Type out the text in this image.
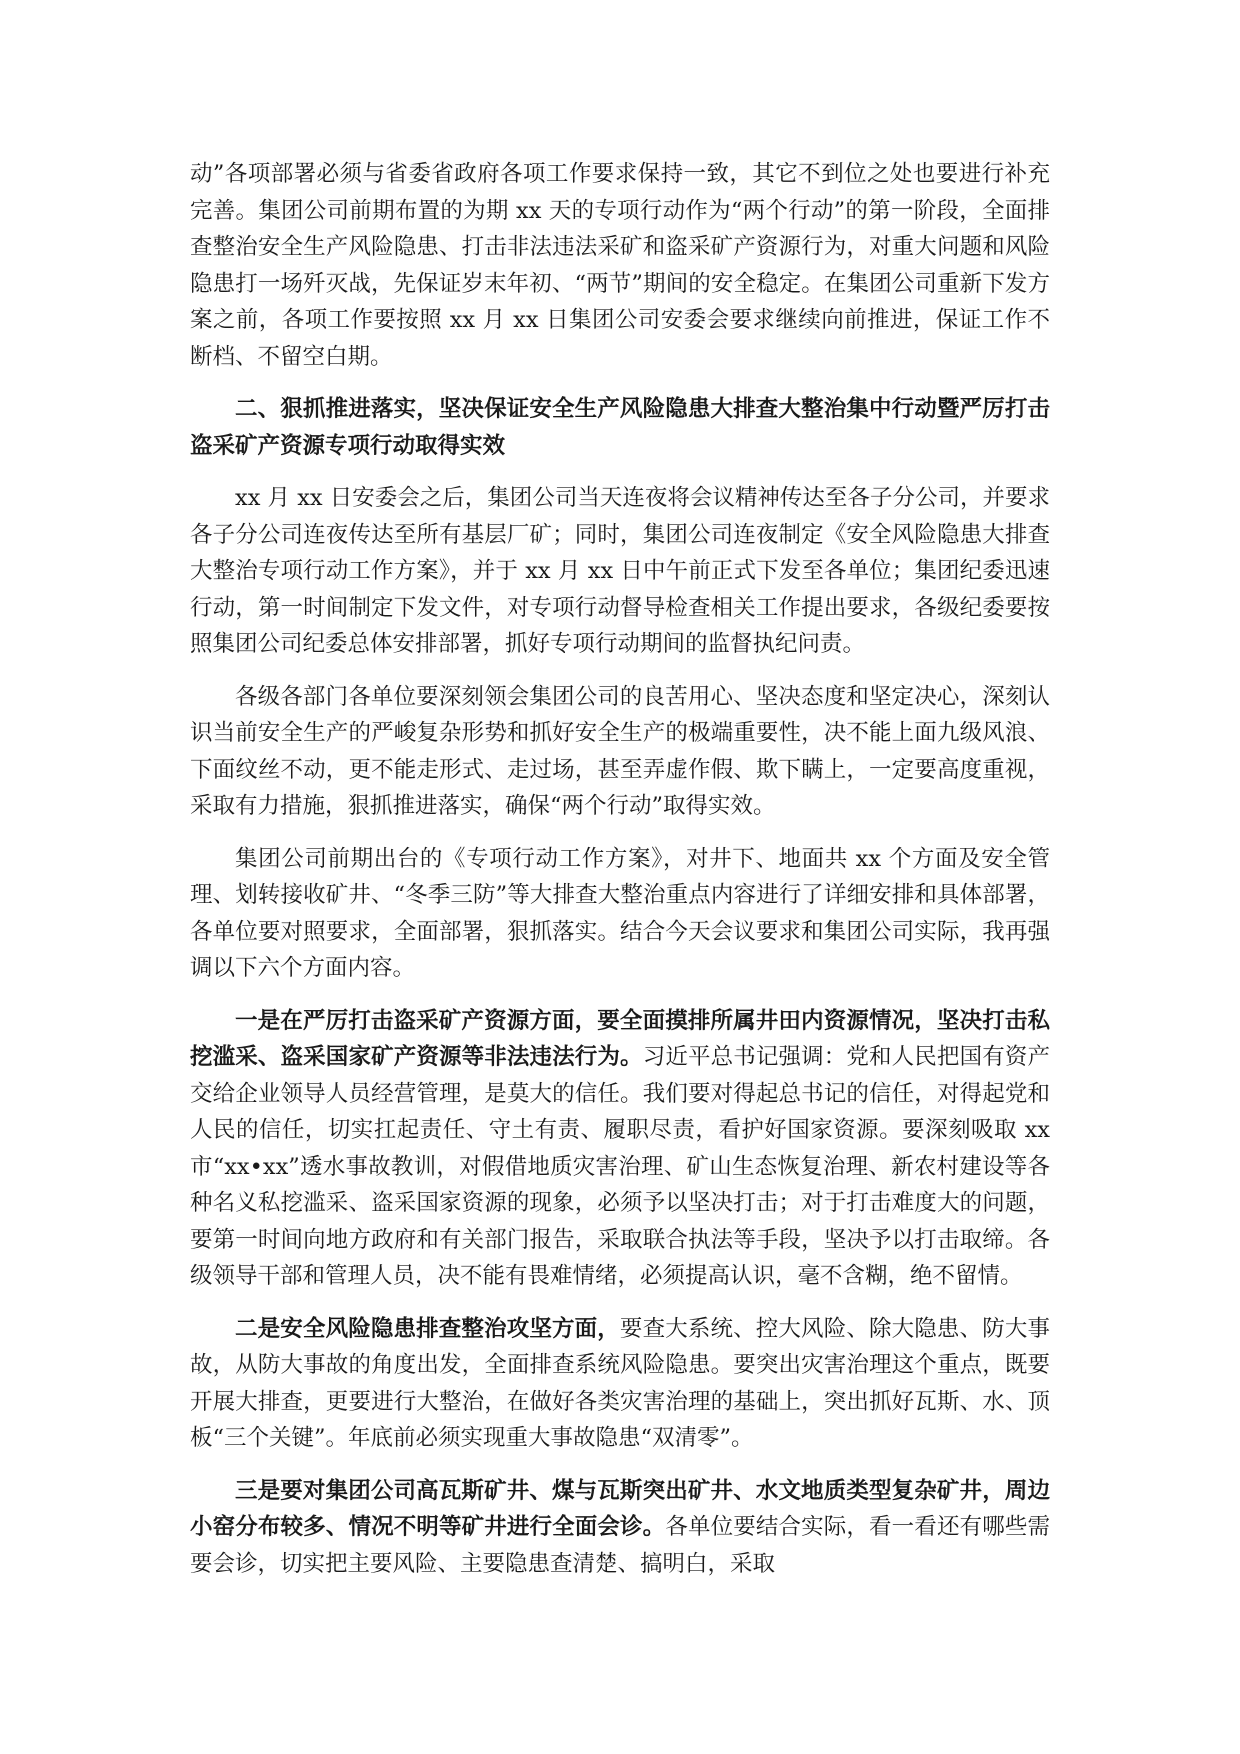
动”各项部署必须与省委省政府各项工作要求保持一致，其它不到位之处也要进行补充完善。集团公司前期布置的为期 xx 天的专项行动作为“两个行动”的第一阶段，全面排查整治安全生产风险隐患、打击非法违法采矿和盗采矿产资源行为，对重大问题和风险隐患打一场歼灭战，先保证岁末年初、“两节”期间的安全稳定。在集团公司重新下发方案之前，各项工作要按照 xx 月 xx 日集团公司安委会要求继续向前推进，保证工作不断档、不留空白期。

二、狠抓推进落实，坚决保证安全生产风险隐患大排查大整治集中行动暨严厉打击盗采矿产资源专项行动取得实效

xx 月 xx 日安委会之后，集团公司当天连夜将会议精神传达至各子分公司，并要求各子分公司连夜传达至所有基层厂矿；同时，集团公司连夜制定《安全风险隐患大排查大整治专项行动工作方案》，并于 xx 月 xx 日中午前正式下发至各单位；集团纪委迅速行动，第一时间制定下发文件，对专项行动督导检查相关工作提出要求，各级纪委要按照集团公司纪委总体安排部署，抓好专项行动期间的监督执纪问责。

各级各部门各单位要深刻领会集团公司的良苦用心、坚决态度和坚定决心，深刻认识当前安全生产的严峻复杂形势和抓好安全生产的极端重要性，决不能上面九级风浪、下面纹丝不动，更不能走形式、走过场，甚至弄虚作假、欺下瞒上，一定要高度重视，采取有力措施，狠抓推进落实，确保“两个行动”取得实效。

集团公司前期出台的《专项行动工作方案》，对井下、地面共 xx 个方面及安全管理、划转接收矿井、“冬季三防”等大排查大整治重点内容进行了详细安排和具体部署，各单位要对照要求，全面部署，狠抓落实。结合今天会议要求和集团公司实际，我再强调以下六个方面内容。

一是在严厉打击盗采矿产资源方面，要全面摸排所属井田内资源情况，坚决打击私挖滥采、盗采国家矿产资源等非法违法行为。习近平总书记强调：党和人民把国有资产交给企业领导人员经营管理，是莫大的信任。我们要对得起总书记的信任，对得起党和人民的信任，切实扛起责任、守土有责、履职尽责，看护好国家资源。要深刻吸取 xx 市“xx•xx”透水事故教训，对假借地质灾害治理、矿山生态恢复治理、新农村建设等各种名义私挖滥采、盗采国家资源的现象，必须予以坚决打击；对于打击难度大的问题，要第一时间向地方政府和有关部门报告，采取联合执法等手段，坚决予以打击取缔。各级领导干部和管理人员，决不能有畏难情绪，必须提高认识，毫不含糊，绝不留情。

二是安全风险隐患排查整治攻坚方面，要查大系统、控大风险、除大隐患、防大事故，从防大事故的角度出发，全面排查系统风险隐患。要突出灾害治理这个重点，既要开展大排查，更要进行大整治，在做好各类灾害治理的基础上，突出抓好瓦斯、水、顶板“三个关键”。年底前必须实现重大事故隐患“双清零”。

三是要对集团公司高瓦斯矿井、煤与瓦斯突出矿井、水文地质类型复杂矿井，周边小窑分布较多、情况不明等矿井进行全面会诊。各单位要结合实际，看一看还有哪些需要会诊，切实把主要风险、主要隐患查清楚、搞明白，采取
